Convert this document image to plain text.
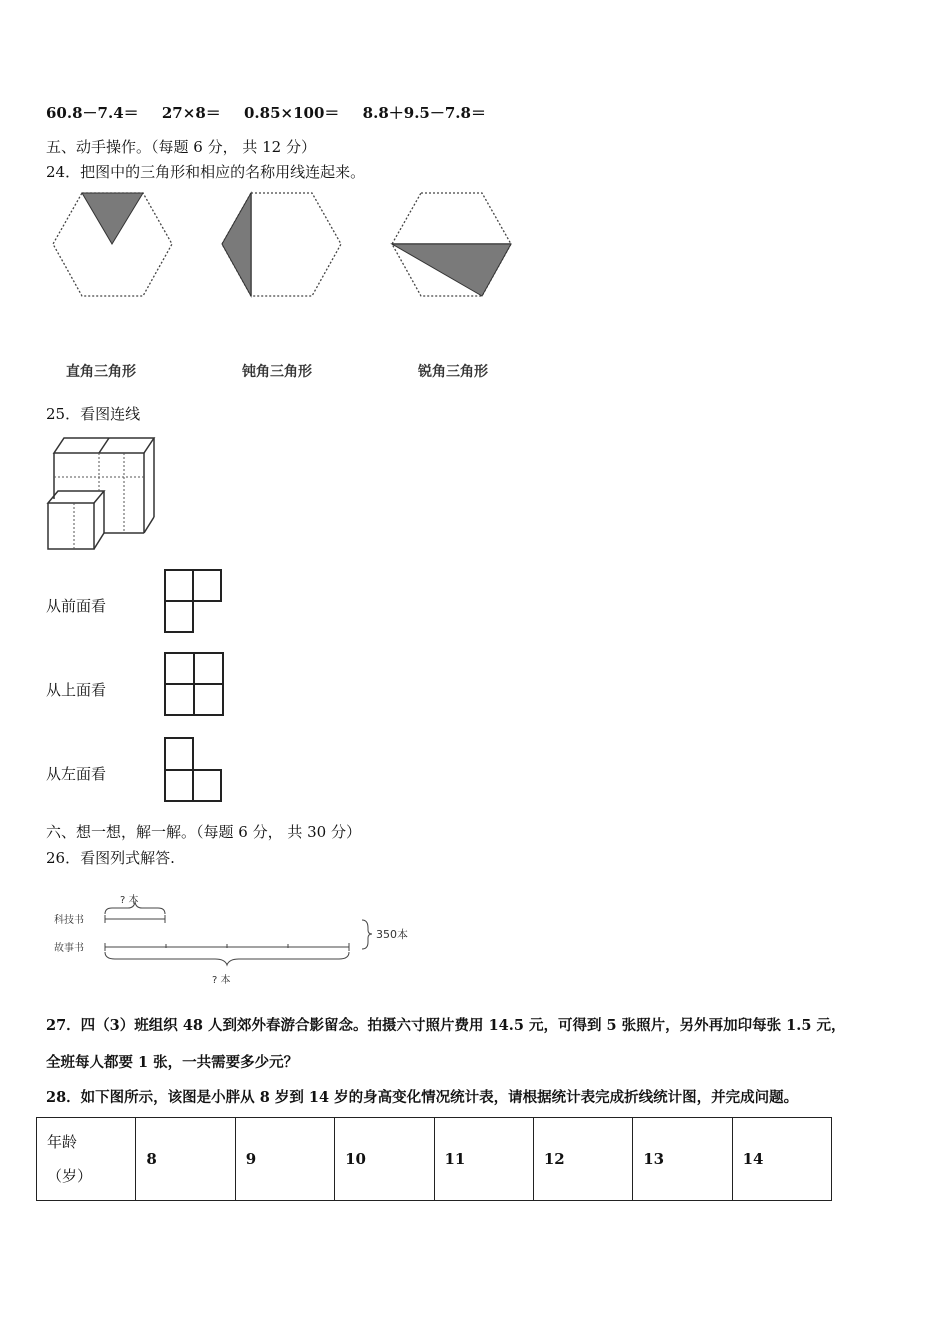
60.8－7.4＝ 27×8＝ 0.85×100＝ 8.8＋9.5－7.8＝
五、动手操作。（每题 6 分， 共 12 分）
24．把图中的三角形和相应的名称用线连起来。
直角三角形	钝角三角形	锐角三角形
25．看图连线
从前面看
从上面看
从左面看
六、想一想，解一解。（每题 6 分， 共 30 分）
26．看图列式解答.
科技书
故事书
? 本
? 本
350本
27．四（3）班组织 48 人到郊外春游合影留念。拍摄六寸照片费用 14.5 元，可得到 5 张照片，另外再加印每张 1.5 元，
全班每人都要 1 张，一共需要多少元？
28．如下图所示，该图是小胖从 8 岁到 14 岁的身高变化情况统计表，请根据统计表完成折线统计图，并完成问题。
年龄
（岁）
	8	9	10	11	12	13	14
